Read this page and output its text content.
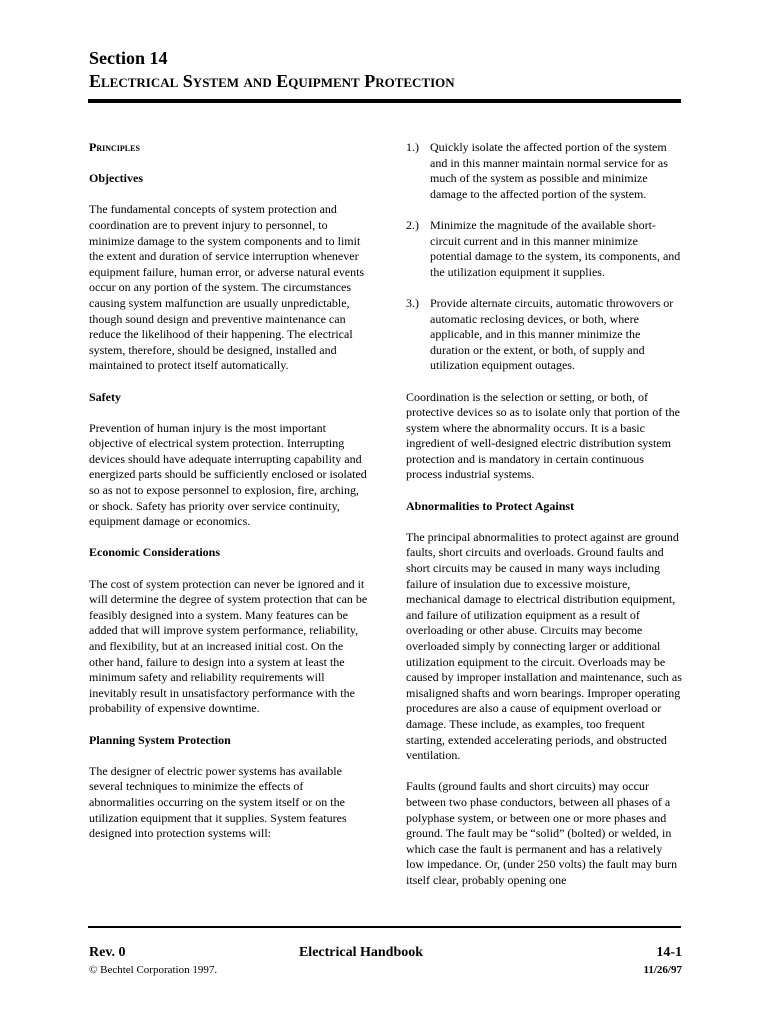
Section 14
Electrical System and Equipment Protection
Principles
Objectives

The fundamental concepts of system protection and coordination are to prevent injury to personnel, to minimize damage to the system components and to limit the extent and duration of service interruption whenever equipment failure, human error, or adverse natural events occur on any portion of the system. The circumstances causing system malfunction are usually unpredictable, though sound design and preventive maintenance can reduce the likelihood of their happening. The electrical system, therefore, should be designed, installed and maintained to protect itself automatically.

Safety

Prevention of human injury is the most important objective of electrical system protection. Interrupting devices should have adequate interrupting capability and energized parts should be sufficiently enclosed or isolated so as not to expose personnel to explosion, fire, arching, or shock. Safety has priority over service continuity, equipment damage or economics.

Economic Considerations

The cost of system protection can never be ignored and it will determine the degree of system protection that can be feasibly designed into a system. Many features can be added that will improve system performance, reliability, and flexibility, but at an increased initial cost. On the other hand, failure to design into a system at least the minimum safety and reliability requirements will inevitably result in unsatisfactory performance with the probability of expensive downtime.

Planning System Protection

The designer of electric power systems has available several techniques to minimize the effects of abnormalities occurring on the system itself or on the utilization equipment that it supplies. System features designed into protection systems will:

1.) Quickly isolate the affected portion of the system and in this manner maintain normal service for as much of the system as possible and minimize damage to the affected portion of the system.
2.) Minimize the magnitude of the available short-circuit current and in this manner minimize potential damage to the system, its components, and the utilization equipment it supplies.
3.) Provide alternate circuits, automatic throwovers or automatic reclosing devices, or both, where applicable, and in this manner minimize the duration or the extent, or both, of supply and utilization equipment outages.

Coordination is the selection or setting, or both, of protective devices so as to isolate only that portion of the system where the abnormality occurs. It is a basic ingredient of well-designed electric distribution system protection and is mandatory in certain continuous process industrial systems.

Abnormalities to Protect Against

The principal abnormalities to protect against are ground faults, short circuits and overloads. Ground faults and short circuits may be caused in many ways including failure of insulation due to excessive moisture, mechanical damage to electrical distribution equipment, and failure of utilization equipment as a result of overloading or other abuse. Circuits may become overloaded simply by connecting larger or additional utilization equipment to the circuit. Overloads may be caused by improper installation and maintenance, such as misaligned shafts and worn bearings. Improper operating procedures are also a cause of equipment overload or damage. These include, as examples, too frequent starting, extended accelerating periods, and obstructed ventilation.

Faults (ground faults and short circuits) may occur between two phase conductors, between all phases of a polyphase system, or between one or more phases and ground. The fault may be “solid” (bolted) or welded, in which case the fault is permanent and has a relatively low impedance. Or, (under 250 volts) the fault may burn itself clear, probably opening one

Rev. 0	Electrical Handbook	14-1
© Bechtel Corporation 1997.	11/26/97
